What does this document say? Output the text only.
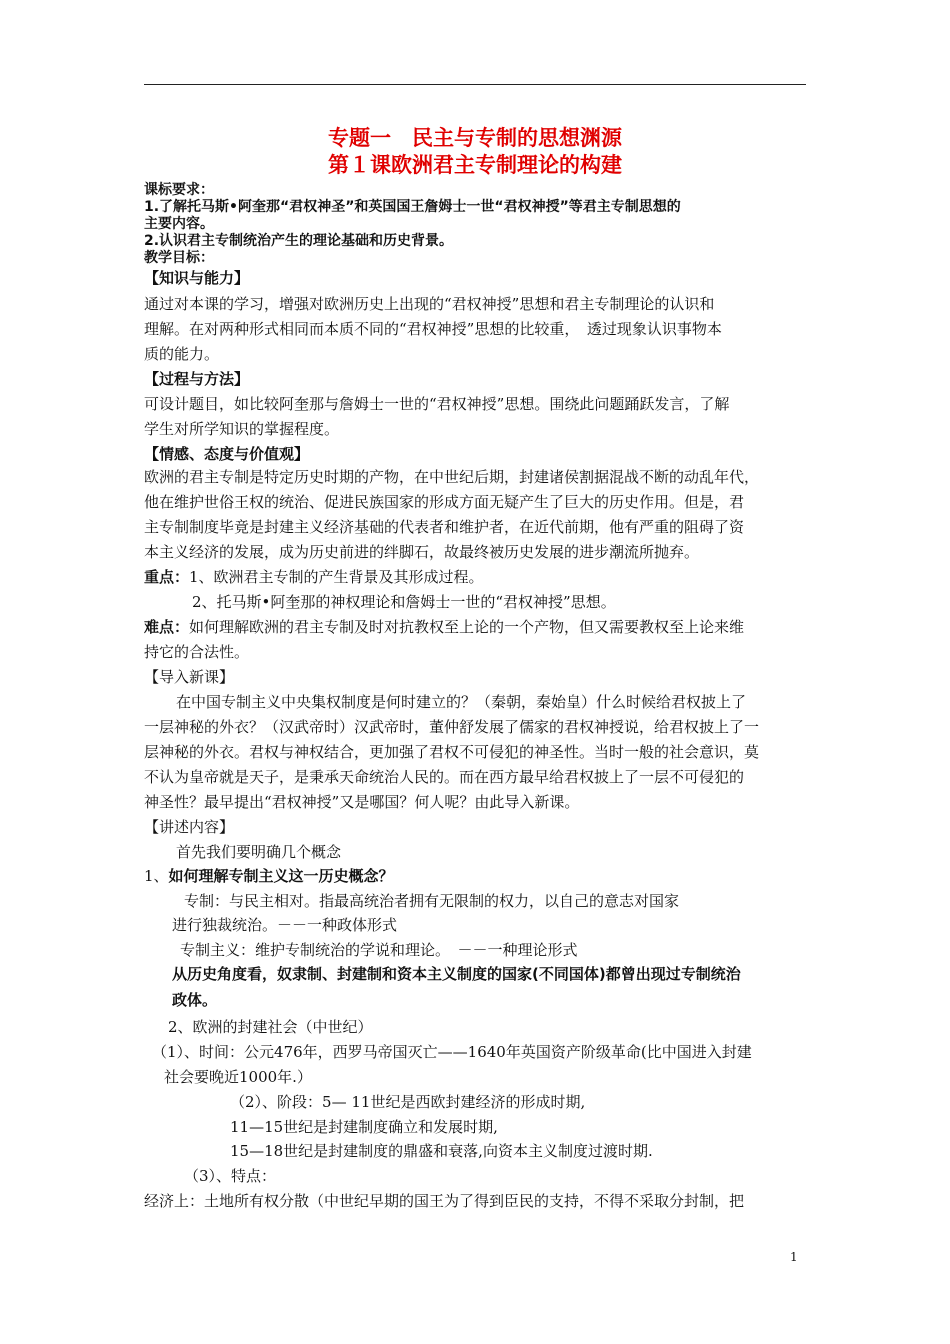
专题一　民主与专制的思想渊源
第１课欧洲君主专制理论的构建
课标要求：
1.了解托马斯•阿奎那“君权神圣”和英国国王詹姆士一世“君权神授”等君主专制思想的
主要内容。
2.认识君主专制统治产生的理论基础和历史背景。
教学目标：
【知识与能力】
通过对本课的学习，增强对欧洲历史上出现的“君权神授”思想和君主专制理论的认识和
理解。在对两种形式相同而本质不同的“君权神授”思想的比较重，　透过现象认识事物本
质的能力。
【过程与方法】
可设计题目，如比较阿奎那与詹姆士一世的“君权神授”思想。围绕此问题踊跃发言，了解
学生对所学知识的掌握程度。
【情感、态度与价值观】
欧洲的君主专制是特定历史时期的产物，在中世纪后期，封建诸侯割据混战不断的动乱年代，
他在维护世俗王权的统治、促进民族国家的形成方面无疑产生了巨大的历史作用。但是，君
主专制制度毕竟是封建主义经济基础的代表者和维护者，在近代前期，他有严重的阻碍了资
本主义经济的发展，成为历史前进的绊脚石，故最终被历史发展的进步潮流所抛弃。
重点：1、欧洲君主专制的产生背景及其形成过程。
2、托马斯•阿奎那的神权理论和詹姆士一世的“君权神授”思想。
难点：如何理解欧洲的君主专制及时对抗教权至上论的一个产物，但又需要教权至上论来维
持它的合法性。
【导入新课】
在中国专制主义中央集权制度是何时建立的？（秦朝，秦始皇）什么时候给君权披上了
一层神秘的外衣？（汉武帝时）汉武帝时，董仲舒发展了儒家的君权神授说，给君权披上了一
层神秘的外衣。君权与神权结合，更加强了君权不可侵犯的神圣性。当时一般的社会意识，莫
不认为皇帝就是天子，是秉承天命统治人民的。而在西方最早给君权披上了一层不可侵犯的
神圣性？最早提出“君权神授”又是哪国？何人呢？由此导入新课。
【讲述内容】
首先我们要明确几个概念
1、如何理解专制主义这一历史概念？
专制：与民主相对。指最高统治者拥有无限制的权力，以自己的意志对国家
进行独裁统治。－－一种政体形式
专制主义：维护专制统治的学说和理论。　－－一种理论形式
从历史角度看，奴隶制、封建制和资本主义制度的国家(不同国体)都曾出现过专制统治
政体。
2、欧洲的封建社会（中世纪）
（1）、时间：公元476年，西罗马帝国灭亡——1640年英国资产阶级革命(比中国进入封建
社会要晚近1000年.）
（2）、阶段：5— 11世纪是西欧封建经济的形成时期,
11—15世纪是封建制度确立和发展时期,
15—18世纪是封建制度的鼎盛和衰落,向资本主义制度过渡时期.
（3）、特点：
经济上：土地所有权分散（中世纪早期的国王为了得到臣民的支持，不得不采取分封制，把
1
